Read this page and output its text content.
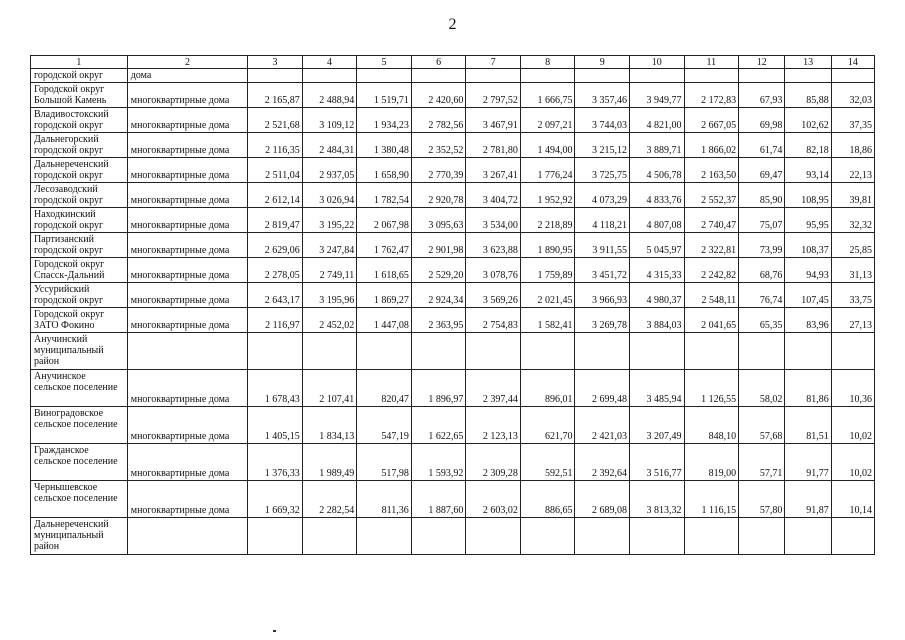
2
1	2	3	4	5	6	7	8	9	10	11	12	13	14
городской округ	дома												
Городской округ Большой Камень	многоквартирные дома	2 165,87	2 488,94	1 519,71	2 420,60	2 797,52	1 666,75	3 357,46	3 949,77	2 172,83	67,93	85,88	32,03
Владивостокский городской округ	многоквартирные дома	2 521,68	3 109,12	1 934,23	2 782,56	3 467,91	2 097,21	3 744,03	4 821,00	2 667,05	69,98	102,62	37,35
Дальнегорский городской округ	многоквартирные дома	2 116,35	2 484,31	1 380,48	2 352,52	2 781,80	1 494,00	3 215,12	3 889,71	1 866,02	61,74	82,18	18,86
Дальнереченский городской округ	многоквартирные дома	2 511,04	2 937,05	1 658,90	2 770,39	3 267,41	1 776,24	3 725,75	4 506,78	2 163,50	69,47	93,14	22,13
Лесозаводский городской округ	многоквартирные дома	2 612,14	3 026,94	1 782,54	2 920,78	3 404,72	1 952,92	4 073,29	4 833,76	2 552,37	85,90	108,95	39,81
Находкинский городской округ	многоквартирные дома	2 819,47	3 195,22	2 067,98	3 095,63	3 534,00	2 218,89	4 118,21	4 807,08	2 740,47	75,07	95,95	32,32
Партизанский городской округ	многоквартирные дома	2 629,06	3 247,84	1 762,47	2 901,98	3 623,88	1 890,95	3 911,55	5 045,97	2 322,81	73,99	108,37	25,85
Городской округ Спасск-Дальний	многоквартирные дома	2 278,05	2 749,11	1 618,65	2 529,20	3 078,76	1 759,89	3 451,72	4 315,33	2 242,82	68,76	94,93	31,13
Уссурийский городской округ	многоквартирные дома	2 643,17	3 195,96	1 869,27	2 924,34	3 569,26	2 021,45	3 966,93	4 980,37	2 548,11	76,74	107,45	33,75
Городской округ ЗАТО Фокино	многоквартирные дома	2 116,97	2 452,02	1 447,08	2 363,95	2 754,83	1 582,41	3 269,78	3 884,03	2 041,65	65,35	83,96	27,13
Анучинский муниципальный район													
Анучинское сельское поселение	многоквартирные дома	1 678,43	2 107,41	820,47	1 896,97	2 397,44	896,01	2 699,48	3 485,94	1 126,55	58,02	81,86	10,36
Виноградовское сельское поселение	многоквартирные дома	1 405,15	1 834,13	547,19	1 622,65	2 123,13	621,70	2 421,03	3 207,49	848,10	57,68	81,51	10,02
Гражданское сельское поселение	многоквартирные дома	1 376,33	1 989,49	517,98	1 593,92	2 309,28	592,51	2 392,64	3 516,77	819,00	57,71	91,77	10,02
Чернышевское сельское поселение	многоквартирные дома	1 669,32	2 282,54	811,36	1 887,60	2 603,02	886,65	2 689,08	3 813,32	1 116,15	57,80	91,87	10,14
Дальнереченский муниципальный район													
